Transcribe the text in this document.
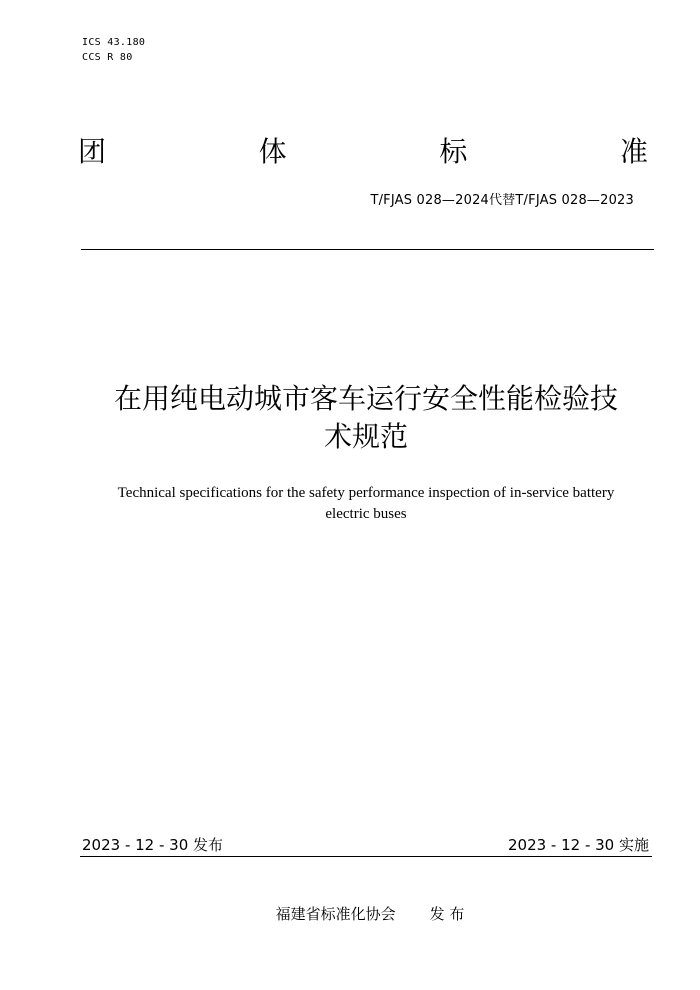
ICS 43.180
CCS R 80
团	体	标	准
T/FJAS 028—2024代替T/FJAS 028—2023
在用纯电动城市客车运行安全性能检验技
术规范
Technical specifications for the safety performance inspection of in-service battery
electric buses
2023 - 12 - 30 发布	2023 - 12 - 30 实施
福建省标准化协会 发 布
